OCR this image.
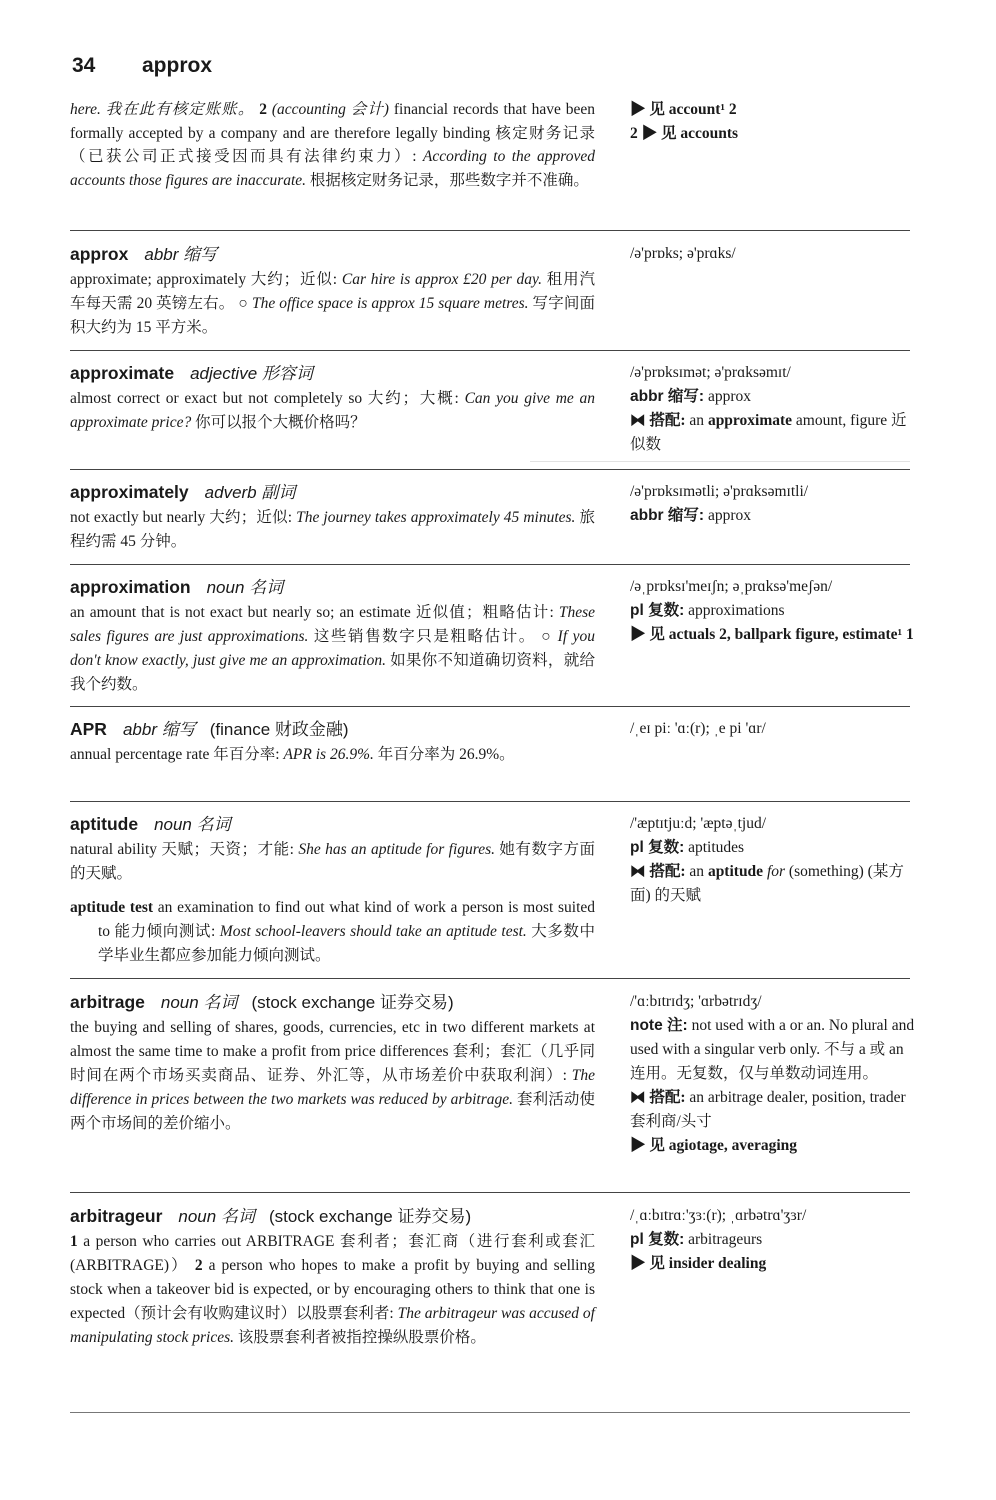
34 approx
here. 我在此有核定账账。 2 (accounting 会计) financial records that have been formally accepted by a company and are therefore legally binding 核定财务记录（已获公司正式接受因而具有法律约束力）: According to the approved accounts those figures are inaccurate. 根据核定财务记录，那些数字并不准确。

▶ 见 account¹ 2

2 ▶ 见 accounts

approx abbr 缩写

approximate; approximately 大约；近似: Car hire is approx £20 per day. 租用汽车每天需 20 英镑左右。 ○ The office space is approx 15 square metres. 写字间面积大约为 15 平方米。

/ə'prɒks; ə'prɑks/

approximate adjective 形容词

almost correct or exact but not completely so 大约；大概: Can you give me an approximate price? 你可以报个大概价格吗？

/ə'prɒksɪmət; ə'prɑksəmɪt/

abbr 缩写: approx

⧓ 搭配: an approximate amount, figure 近似数

approximately adverb 副词

not exactly but nearly 大约；近似: The journey takes approximately 45 minutes. 旅程约需 45 分钟。

/ə'prɒksɪmətli; ə'prɑksəmɪtli/

abbr 缩写: approx

approximation noun 名词

an amount that is not exact but nearly so; an estimate 近似值；粗略估计: These sales figures are just approximations. 这些销售数字只是粗略估计。 ○ If you don't know exactly, just give me an approximation. 如果你不知道确切资料，就给我个约数。

/əˌprɒksɪ'meɪʃn; əˌprɑksə'meʃən/

pl 复数: approximations

▶ 见 actuals 2, ballpark figure, estimate¹ 1

APR abbr 缩写 (finance 财政金融)

annual percentage rate 年百分率: APR is 26.9%. 年百分率为 26.9%。

/ˌeɪ piː 'ɑː(r); ˌe pi 'ɑr/

aptitude noun 名词

natural ability 天赋；天资；才能: She has an aptitude for figures. 她有数字方面的天赋。

aptitude test an examination to find out what kind of work a person is most suited to 能力倾向测试: Most school-leavers should take an aptitude test. 大多数中学毕业生都应参加能力倾向测试。

/'æptɪtjuːd; 'æptəˌtjud/

pl 复数: aptitudes

⧓ 搭配: an aptitude for (something) (某方面) 的天赋

arbitrage noun 名词 (stock exchange 证券交易)

the buying and selling of shares, goods, currencies, etc in two different markets at almost the same time to make a profit from price differences 套利；套汇（几乎同时间在两个市场买卖商品、证券、外汇等，从市场差价中获取利润）: The difference in prices between the two markets was reduced by arbitrage. 套利活动使两个市场间的差价缩小。

/'ɑːbɪtrɪdʒ; 'ɑrbətrɪdʒ/

note 注: not used with a or an. No plural and used with a singular verb only. 不与 a 或 an 连用。无复数，仅与单数动词连用。

⧓ 搭配: an arbitrage dealer, position, trader 套利商/头寸

▶ 见 agiotage, averaging

arbitrageur noun 名词 (stock exchange 证券交易)

1 a person who carries out ARBITRAGE 套利者；套汇商（进行套利或套汇 (ARBITRAGE)） 2 a person who hopes to make a profit by buying and selling stock when a takeover bid is expected, or by encouraging others to think that one is expected（预计会有收购建议时）以股票套利者: The arbitrageur was accused of manipulating stock prices. 该股票套利者被指控操纵股票价格。

/ˌɑːbɪtrɑː'ʒɜː(r); ˌɑrbətrɑ'ʒɜr/

pl 复数: arbitrageurs

▶ 见 insider dealing
